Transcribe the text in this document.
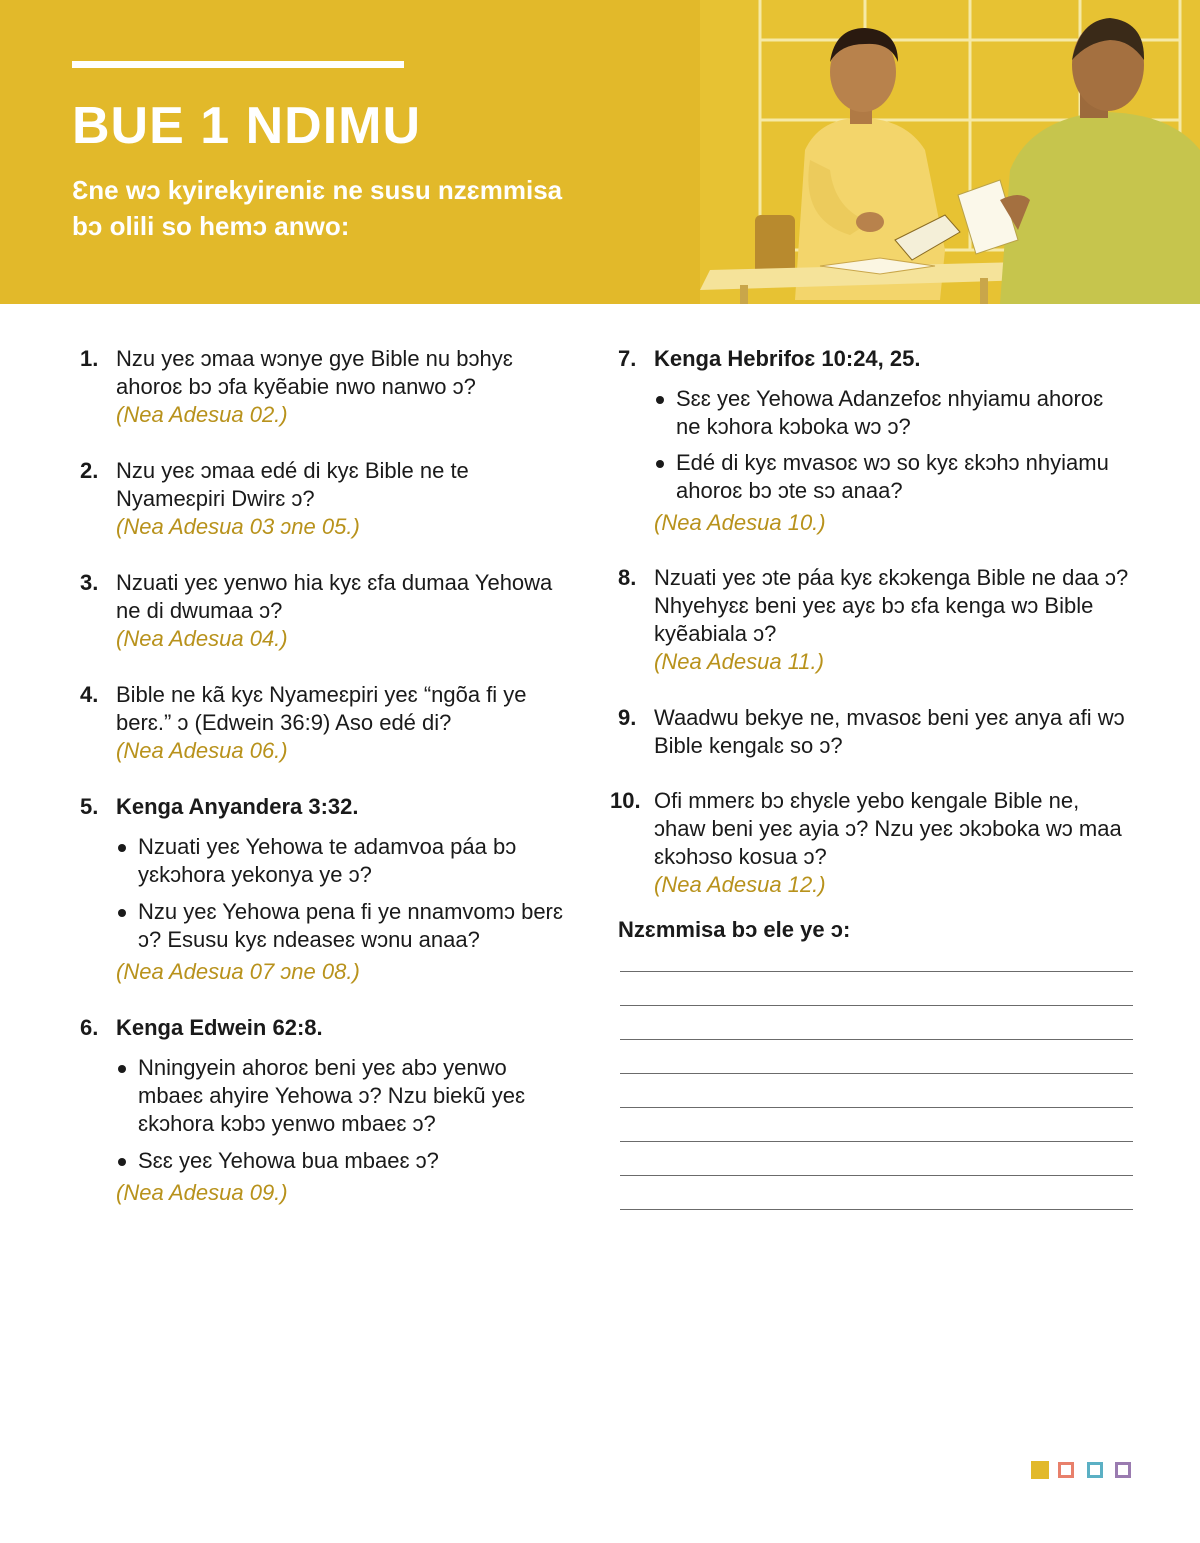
BUE 1 NDIMU

Ɛne wɔ kyirekyireniɛ ne susu nzɛmmisa bɔ olili so hemɔ anwo:

1. Nzu yeɛ ɔmaa wɔnye gye Bible nu bɔhyɛ ahoroɛ bɔ ɔfa kyẽabie nwo nanwo ɔ?

(Nea Adesua 02.)
2. Nzu yeɛ ɔmaa edé di kyɛ Bible ne te Nyameɛpiri Dwirɛ ɔ?

(Nea Adesua 03 ɔne 05.)
3. Nzuati yeɛ yenwo hia kyɛ ɛfa dumaa Yehowa ne di dwumaa ɔ?

(Nea Adesua 04.)
4. Bible ne kã kyɛ Nyameɛpiri yeɛ “ngõa fi ye berɛ.” ɔ (Edwein 36:9) Aso edé di?

(Nea Adesua 06.)
5. Kenga Anyandera 3:32.

Nzuati yeɛ Yehowa te adamvoa páa bɔ yɛkɔhora yekonya ye ɔ?
Nzu yeɛ Yehowa pena fi ye nnamvomɔ berɛ ɔ? Esusu kyɛ ndeaseɛ wɔnu anaa?
(Nea Adesua 07 ɔne 08.)
6. Kenga Edwein 62:8.

Nningyein ahoroɛ beni yeɛ abɔ yenwo mbaeɛ ahyire Yehowa ɔ? Nzu biekũ yeɛ ɛkɔhora kɔbɔ yenwo mbaeɛ ɔ?
Sɛɛ yeɛ Yehowa bua mbaeɛ ɔ?
(Nea Adesua 09.)
7. Kenga Hebrifoɛ 10:24, 25.

Sɛɛ yeɛ Yehowa Adanzefoɛ nhyiamu ahoroɛ ne kɔhora kɔboka wɔ ɔ?
Edé di kyɛ mvasoɛ wɔ so kyɛ ɛkɔhɔ nhyiamu ahoroɛ bɔ ɔte sɔ anaa?
(Nea Adesua 10.)
8. Nzuati yeɛ ɔte páa kyɛ ɛkɔkenga Bible ne daa ɔ? Nhyehyɛɛ beni yeɛ ayɛ bɔ ɛfa kenga wɔ Bible kyẽabiala ɔ?

(Nea Adesua 11.)
9. Waadwu bekye ne, mvasoɛ beni yeɛ anya afi wɔ Bible kengalɛ so ɔ?

10. Ofi mmerɛ bɔ ɛhyɛle yebo kengale Bible ne, ɔhaw beni yeɛ ayia ɔ? Nzu yeɛ ɔkɔboka wɔ maa ɛkɔhɔso kosua ɔ?

(Nea Adesua 12.)

Nzɛmmisa bɔ ele ye ɔ:
